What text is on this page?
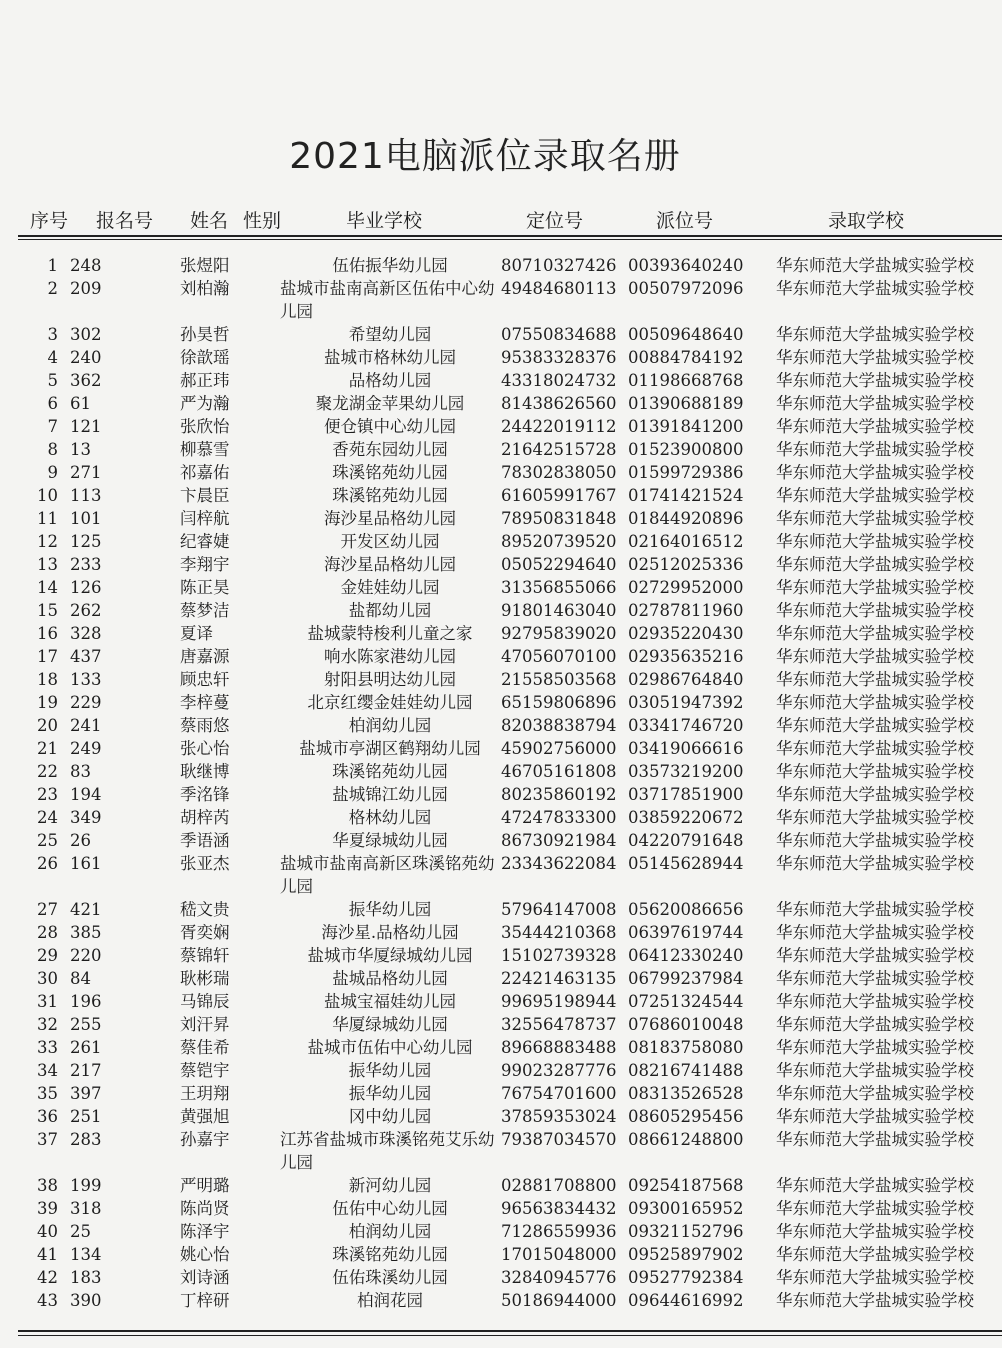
2021电脑派位录取名册
序号 报名号 姓名 性别	毕业学校	定位号	派位号	录取学校
1 248	张煜阳	伍佑振华幼儿园	80710327426 00393640240 华东师范大学盐城实验学校
2 209	刘柏瀚	盐城市盐南高新区伍佑中心幼儿园
49484680113 00507972096 华东师范大学盐城实验学校
3 302	孙昊哲	希望幼儿园	07550834688 00509648640 华东师范大学盐城实验学校
4 240	徐歆瑶	盐城市格林幼儿园	95383328376 00884784192 华东师范大学盐城实验学校
5 362	郝正玮	品格幼儿园	43318024732 01198668768 华东师范大学盐城实验学校
6 61	严为瀚	聚龙湖金苹果幼儿园	81438626560 01390688189 华东师范大学盐城实验学校
7 121	张欣怡	便仓镇中心幼儿园	24422019112 01391841200 华东师范大学盐城实验学校
8 13	柳慕雪	香苑东园幼儿园	21642515728 01523900800 华东师范大学盐城实验学校
9 271	祁嘉佑	珠溪铭苑幼儿园	78302838050 01599729386 华东师范大学盐城实验学校
10 113	卞晨臣	珠溪铭苑幼儿园	61605991767 01741421524 华东师范大学盐城实验学校
11 101	闫梓航	海沙星品格幼儿园	78950831848 01844920896 华东师范大学盐城实验学校
12 125	纪睿婕	开发区幼儿园	89520739520 02164016512 华东师范大学盐城实验学校
13 233	李翔宇	海沙星品格幼儿园	05052294640 02512025336 华东师范大学盐城实验学校
14 126	陈正昊	金娃娃幼儿园	31356855066 02729952000 华东师范大学盐城实验学校
15 262	蔡梦洁	盐都幼儿园	91801463040 02787811960 华东师范大学盐城实验学校
16 328	夏译	盐城蒙特梭利儿童之家	92795839020 02935220430 华东师范大学盐城实验学校
17 437	唐嘉源	响水陈家港幼儿园	47056070100 02935635216 华东师范大学盐城实验学校
18 133	顾忠轩	射阳县明达幼儿园	21558503568 02986764840 华东师范大学盐城实验学校
19 229	李梓蔓	北京红缨金娃娃幼儿园	65159806896 03051947392 华东师范大学盐城实验学校
20 241	蔡雨悠	柏润幼儿园	82038838794 03341746720 华东师范大学盐城实验学校
21 249	张心怡	盐城市亭湖区鹤翔幼儿园	45902756000 03419066616 华东师范大学盐城实验学校
22 83	耿继博	珠溪铭苑幼儿园	46705161808 03573219200 华东师范大学盐城实验学校
23 194	季洺锋	盐城锦江幼儿园	80235860192 03717851900 华东师范大学盐城实验学校
24 349	胡梓芮	格林幼儿园	47247833300 03859220672 华东师范大学盐城实验学校
25 26	季语涵	华夏绿城幼儿园	86730921984 04220791648 华东师范大学盐城实验学校
26 161	张亚杰	盐城市盐南高新区珠溪铭苑幼儿园
23343622084 05145628944 华东师范大学盐城实验学校
27 421	嵇文贵	振华幼儿园	57964147008 05620086656 华东师范大学盐城实验学校
28 385	胥奕娴	海沙星.品格幼儿园	35444210368 06397619744 华东师范大学盐城实验学校
29 220	蔡锦轩	盐城市华厦绿城幼儿园	15102739328 06412330240 华东师范大学盐城实验学校
30 84	耿彬瑞	盐城品格幼儿园	22421463135 06799237984 华东师范大学盐城实验学校
31 196	马锦辰	盐城宝福娃幼儿园	99695198944 07251324544 华东师范大学盐城实验学校
32 255	刘汗昇	华厦绿城幼儿园	32556478737 07686010048 华东师范大学盐城实验学校
33 261	蔡佳希	盐城市伍佑中心幼儿园	89668883488 08183758080 华东师范大学盐城实验学校
34 217	蔡铠宇	振华幼儿园	99023287776 08216741488 华东师范大学盐城实验学校
35 397	王玥翔	振华幼儿园	76754701600 08313526528 华东师范大学盐城实验学校
36 251	黄强旭	冈中幼儿园	37859353024 08605295456 华东师范大学盐城实验学校
37 283	孙嘉宇	江苏省盐城市珠溪铭苑艾乐幼儿园
79387034570 08661248800 华东师范大学盐城实验学校
38 199	严明璐	新河幼儿园	02881708800 09254187568 华东师范大学盐城实验学校
39 318	陈尚贤	伍佑中心幼儿园	96563834432 09300165952 华东师范大学盐城实验学校
40 25	陈泽宇	柏润幼儿园	71286559936 09321152796 华东师范大学盐城实验学校
41 134	姚心怡	珠溪铭苑幼儿园	17015048000 09525897902 华东师范大学盐城实验学校
42 183	刘诗涵	伍佑珠溪幼儿园	32840945776 09527792384 华东师范大学盐城实验学校
43 390	丁梓研	柏润花园	50186944000 09644616992 华东师范大学盐城实验学校
